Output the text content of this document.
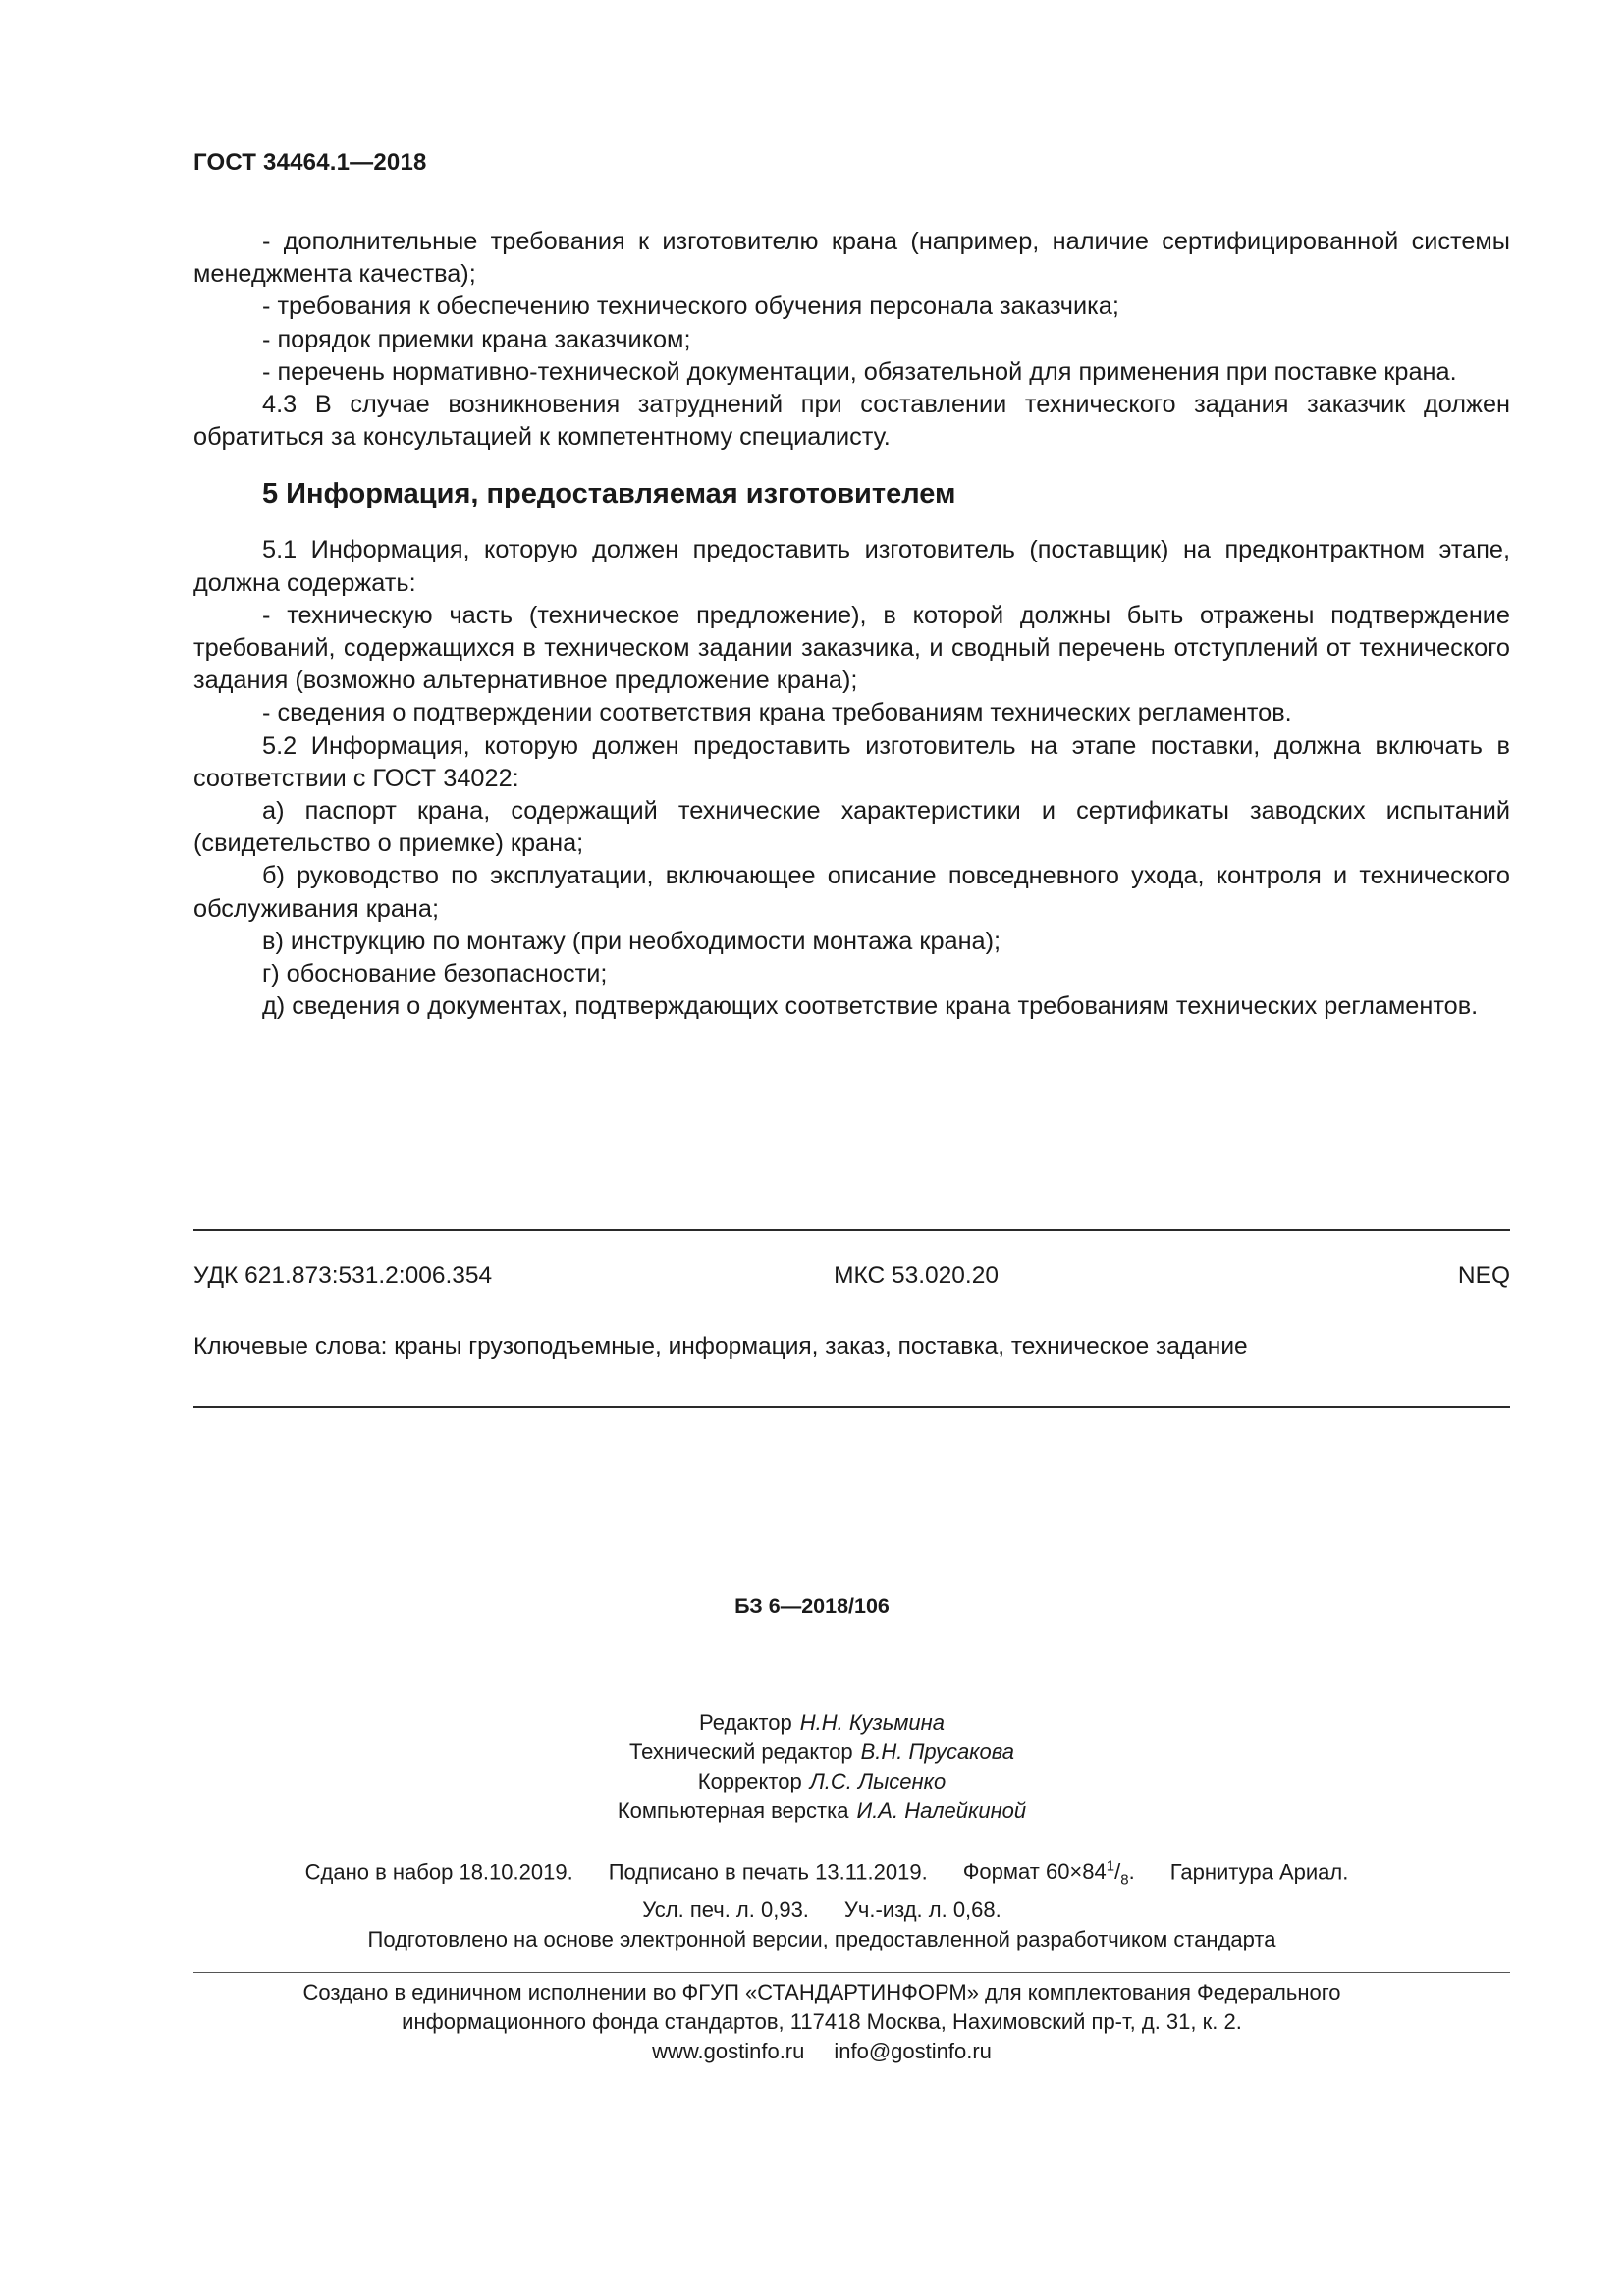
ГОСТ 34464.1—2018

- дополнительные требования к изготовителю крана (например, наличие сертифицированной системы менеджмента качества);

- требования к обеспечению технического обучения персонала заказчика;

- порядок приемки крана заказчиком;

- перечень нормативно-технической документации, обязательной для применения при поставке крана.

4.3 В случае возникновения затруднений при составлении технического задания заказчик должен обратиться за консультацией к компетентному специалисту.

5 Информация, предоставляемая изготовителем

5.1 Информация, которую должен предоставить изготовитель (поставщик) на предконтрактном этапе, должна содержать:

- техническую часть (техническое предложение), в которой должны быть отражены подтверждение требований, содержащихся в техническом задании заказчика, и сводный перечень отступлений от технического задания (возможно альтернативное предложение крана);

- сведения о подтверждении соответствия крана требованиям технических регламентов.

5.2 Информация, которую должен предоставить изготовитель на этапе поставки, должна включать в соответствии с ГОСТ 34022:

а) паспорт крана, содержащий технические характеристики и сертификаты заводских испытаний (свидетельство о приемке) крана;

б) руководство по эксплуатации, включающее описание повседневного ухода, контроля и технического обслуживания крана;

в) инструкцию по монтажу (при необходимости монтажа крана);

г) обоснование безопасности;

д) сведения о документах, подтверждающих соответствие крана требованиям технических регламентов.

УДК 621.873:531.2:006.354	МКС 53.020.20	NEQ
Ключевые слова: краны грузоподъемные, информация, заказ, поставка, техническое задание
БЗ 6—2018/106

Редактор Н.Н. Кузьмина

Технический редактор В.Н. Прусакова

Корректор Л.С. Лысенко

Компьютерная верстка И.А. Налейкиной

Сдано в набор 18.10.2019. Подписано в печать 13.11.2019. Формат $60\times 84^1/_8$. Гарнитура Ариал.
Усл. печ. л. 0,93. Уч.-изд. л. 0,68.
Подготовлено на основе электронной версии, предоставленной разработчиком стандарта
Создано в единичном исполнении во ФГУП «СТАНДАРТИНФОРМ» для комплектования Федерального
информационного фонда стандартов, 117418 Москва, Нахимовский пр-т, д. 31, к. 2.
www.gostinfo.ru info@gostinfo.ru
